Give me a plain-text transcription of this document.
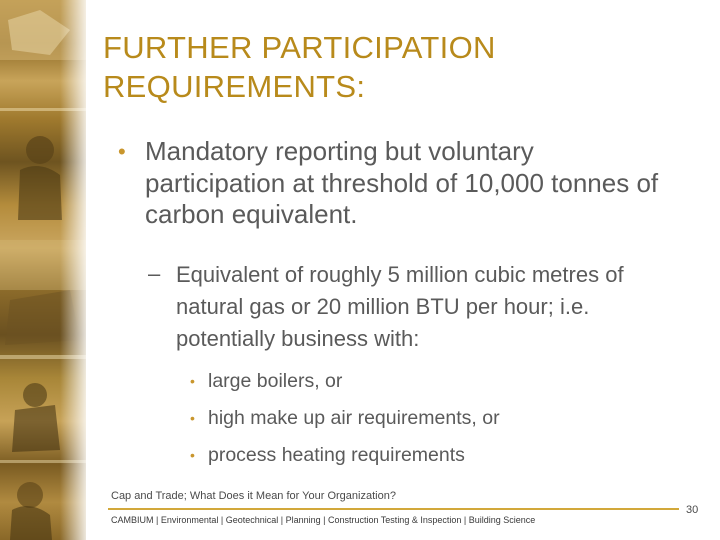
FURTHER PARTICIPATION
REQUIREMENTS:
• Mandatory reporting but voluntary participation at threshold of 10,000 tonnes of carbon equivalent.
– Equivalent of roughly 5 million cubic metres of natural gas or 20 million BTU per hour; i.e. potentially business with:
• large boilers, or
• high make up air requirements, or
• process heating requirements
Cap and Trade; What Does it Mean for Your Organization?
CAMBIUM | Environmental | Geotechnical | Planning | Construction Testing & Inspection | Building Science
30
